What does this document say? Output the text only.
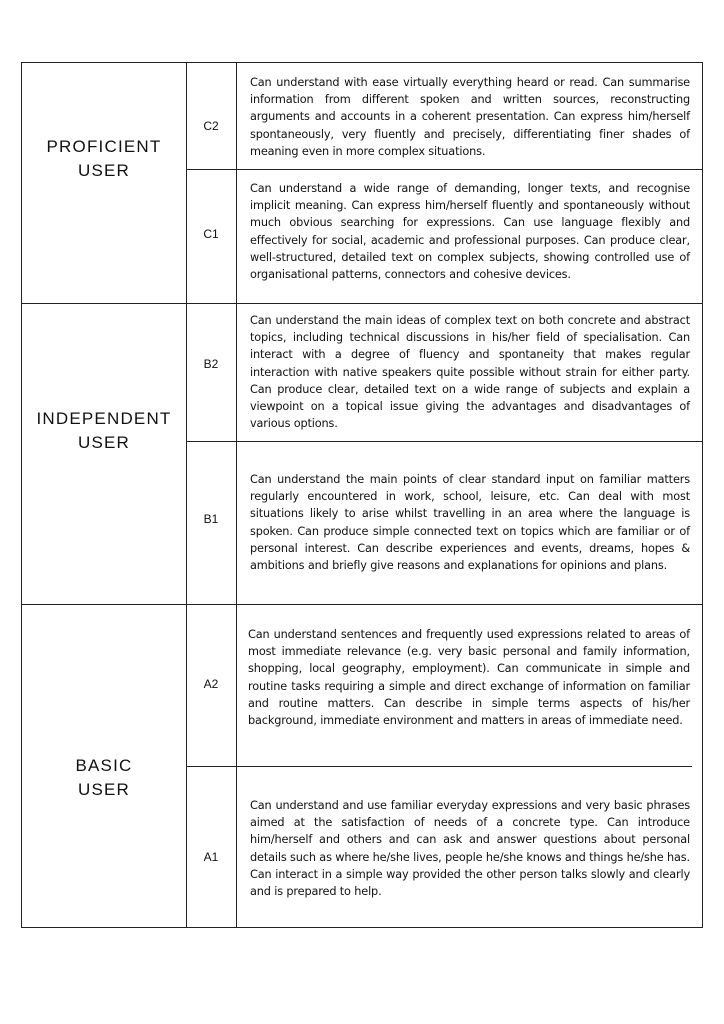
PROFICIENT
USER
INDEPENDENT
USER
BASIC
USER
C2
C1
B2
B1
A2
A1
Can understand with ease virtually everything heard or read. Can summarise information from different spoken and written sources, reconstructing arguments and accounts in a coherent presentation. Can express him/herself spontaneously, very fluently and precisely, differentiating finer shades of meaning even in more complex situations.
Can understand a wide range of demanding, longer texts, and recognise implicit meaning. Can express him/herself fluently and spontaneously without much obvious searching for expressions. Can use language flexibly and effectively for social, academic and professional purposes. Can produce clear, well-structured, detailed text on complex subjects, showing controlled use of organisational patterns, connectors and cohesive devices.
Can understand the main ideas of complex text on both concrete and abstract topics, including technical discussions in his/her field of specialisation. Can interact with a degree of fluency and spontaneity that makes regular interaction with native speakers quite possible without strain for either party. Can produce clear, detailed text on a wide range of subjects and explain a viewpoint on a topical issue giving the advantages and disadvantages of various options.
Can understand the main points of clear standard input on familiar matters regularly encountered in work, school, leisure, etc. Can deal with most situations likely to arise whilst travelling in an area where the language is spoken. Can produce simple connected text on topics which are familiar or of personal interest. Can describe experiences and events, dreams, hopes & ambitions and briefly give reasons and explanations for opinions and plans.
Can understand sentences and frequently used expressions related to areas of most immediate relevance (e.g. very basic personal and family information, shopping, local geography, employment). Can communicate in simple and routine tasks requiring a simple and direct exchange of information on familiar and routine matters. Can describe in simple terms aspects of his/her background, immediate environment and matters in areas of immediate need.
Can understand and use familiar everyday expressions and very basic phrases aimed at the satisfaction of needs of a concrete type. Can introduce him/herself and others and can ask and answer questions about personal details such as where he/she lives, people he/she knows and things he/she has. Can interact in a simple way provided the other person talks slowly and clearly and is prepared to help.
